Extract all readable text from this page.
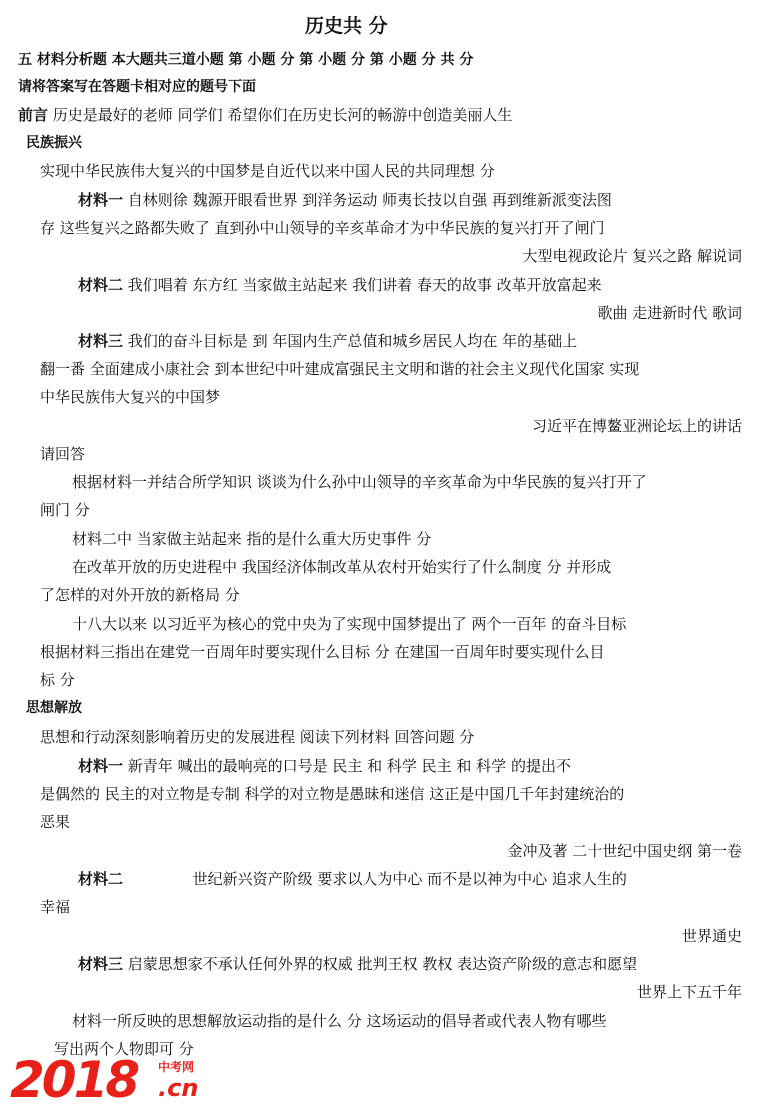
历史共 分
五 材料分析题 本大题共三道小题 第 小题 分 第 小题 分 第 小题 分 共 分
请将答案写在答题卡相对应的题号下面
前言 历史是最好的老师 同学们 希望你们在历史长河的畅游中创造美丽人生
民族振兴
实现中华民族伟大复兴的中国梦是自近代以来中国人民的共同理想 分
材料一 自林则徐 魏源开眼看世界 到洋务运动 师夷长技以自强 再到维新派变法图
存 这些复兴之路都失败了 直到孙中山领导的辛亥革命才为中华民族的复兴打开了闸门
大型电视政论片 复兴之路 解说词
材料二 我们唱着 东方红 当家做主站起来 我们讲着 春天的故事 改革开放富起来
歌曲 走进新时代 歌词
材料三 我们的奋斗目标是 到 年国内生产总值和城乡居民人均在 年的基础上
翻一番 全面建成小康社会 到本世纪中叶建成富强民主文明和谐的社会主义现代化国家 实现
中华民族伟大复兴的中国梦
习近平在博鳌亚洲论坛上的讲话
请回答
根据材料一并结合所学知识 谈谈为什么孙中山领导的辛亥革命为中华民族的复兴打开了
闸门 分
材料二中 当家做主站起来 指的是什么重大历史事件 分
在改革开放的历史进程中 我国经济体制改革从农村开始实行了什么制度 分 并形成
了怎样的对外开放的新格局 分
十八大以来 以习近平为核心的党中央为了实现中国梦提出了 两个一百年 的奋斗目标
根据材料三指出在建党一百周年时要实现什么目标 分 在建国一百周年时要实现什么目
标 分
思想解放
思想和行动深刻影响着历史的发展进程 阅读下列材料 回答问题 分
材料一 新青年 喊出的最响亮的口号是 民主 和 科学 民主 和 科学 的提出不
是偶然的 民主的对立物是专制 科学的对立物是愚昧和迷信 这正是中国几千年封建统治的
恶果
金冲及著 二十世纪中国史纲 第一卷
材料二	世纪新兴资产阶级 要求以人为中心 而不是以神为中心 追求人生的
幸福
世界通史
材料三 启蒙思想家不承认任何外界的权威 批判王权 教权 表达资产阶级的意志和愿望
世界上下五千年
材料一所反映的思想解放运动指的是什么 分 这场运动的倡导者或代表人物有哪些
写出两个人物即可 分
2018 中考网
.cn
